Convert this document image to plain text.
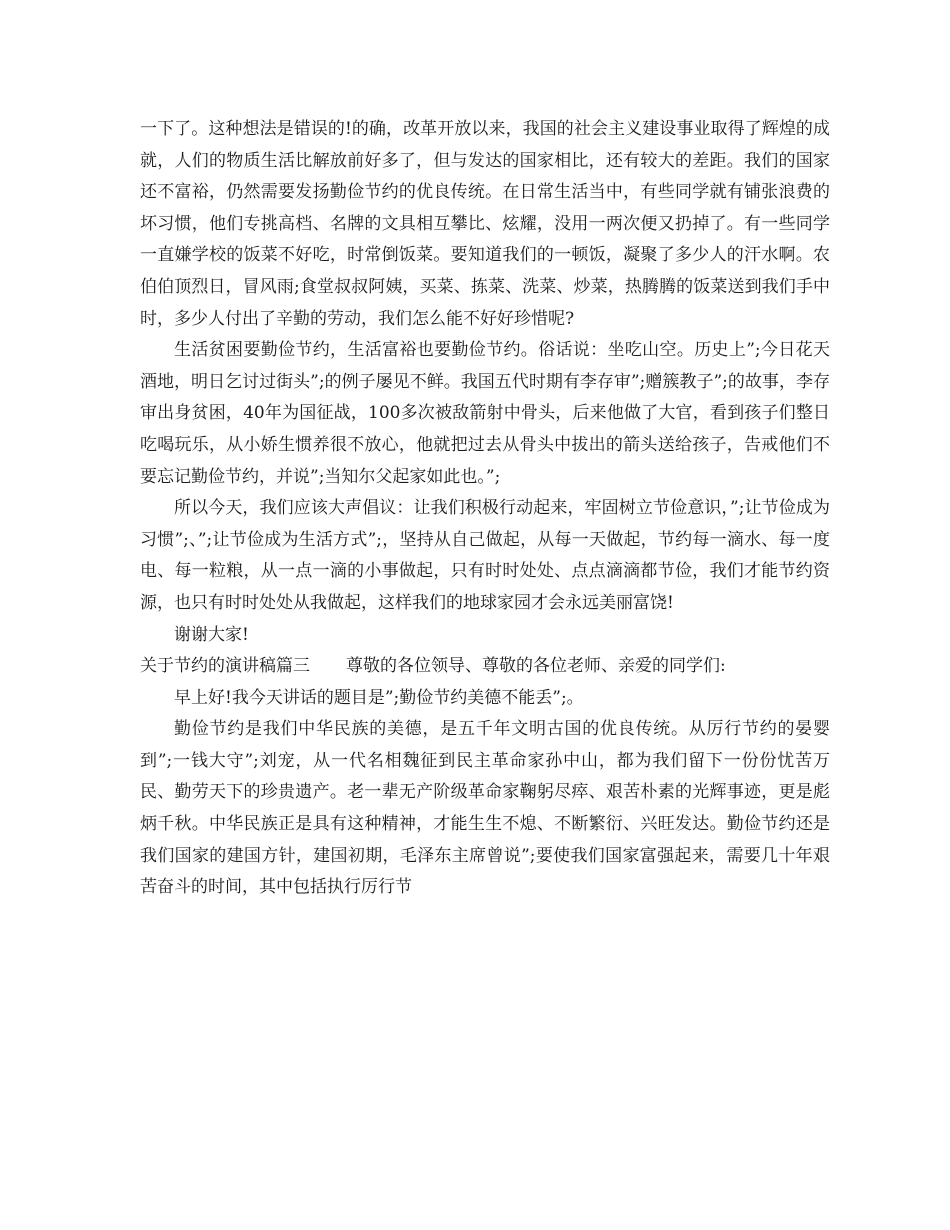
一下了。这种想法是错误的!的确，改革开放以来，我国的社会主义建设事业取得了辉煌的成就，人们的物质生活比解放前好多了，但与发达的国家相比，还有较大的差距。我们的国家还不富裕，仍然需要发扬勤俭节约的优良传统。在日常生活当中，有些同学就有铺张浪费的坏习惯，他们专挑高档、名牌的文具相互攀比、炫耀，没用一两次便又扔掉了。有一些同学一直嫌学校的饭菜不好吃，时常倒饭菜。要知道我们的一顿饭，凝聚了多少人的汗水啊。农伯伯顶烈日，冒风雨;食堂叔叔阿姨，买菜、拣菜、洗菜、炒菜，热腾腾的饭菜送到我们手中时，多少人付出了辛勤的劳动，我们怎么能不好好珍惜呢?

生活贫困要勤俭节约，生活富裕也要勤俭节约。俗话说：坐吃山空。历史上”;今日花天酒地，明日乞讨过街头”;的例子屡见不鲜。我国五代时期有李存审”;赠簇教子”;的故事，李存审出身贫困，40年为国征战，100多次被敌箭射中骨头，后来他做了大官，看到孩子们整日吃喝玩乐，从小娇生惯养很不放心，他就把过去从骨头中拔出的箭头送给孩子，告戒他们不要忘记勤俭节约，并说”;当知尔父起家如此也。”;

所以今天，我们应该大声倡议：让我们积极行动起来，牢固树立节俭意识，”;让节俭成为习惯”;、”;让节俭成为生活方式”;，坚持从自己做起，从每一天做起，节约每一滴水、每一度电、每一粒粮，从一点一滴的小事做起，只有时时处处、点点滴滴都节俭，我们才能节约资源，也只有时时处处从我做起，这样我们的地球家园才会永远美丽富饶!

谢谢大家!

关于节约的演讲稿篇三 尊敬的各位领导、尊敬的各位老师、亲爱的同学们:

早上好!我今天讲话的题目是”;勤俭节约美德不能丢”;。

勤俭节约是我们中华民族的美德，是五千年文明古国的优良传统。从厉行节约的晏婴到”;一钱大守”;刘宠，从一代名相魏征到民主革命家孙中山，都为我们留下一份份忧苦万民、勤劳天下的珍贵遗产。老一辈无产阶级革命家鞠躬尽瘁、艰苦朴素的光辉事迹，更是彪炳千秋。中华民族正是具有这种精神，才能生生不熄、不断繁衍、兴旺发达。勤俭节约还是我们国家的建国方针，建国初期，毛泽东主席曾说”;要使我们国家富强起来，需要几十年艰苦奋斗的时间，其中包括执行厉行节
